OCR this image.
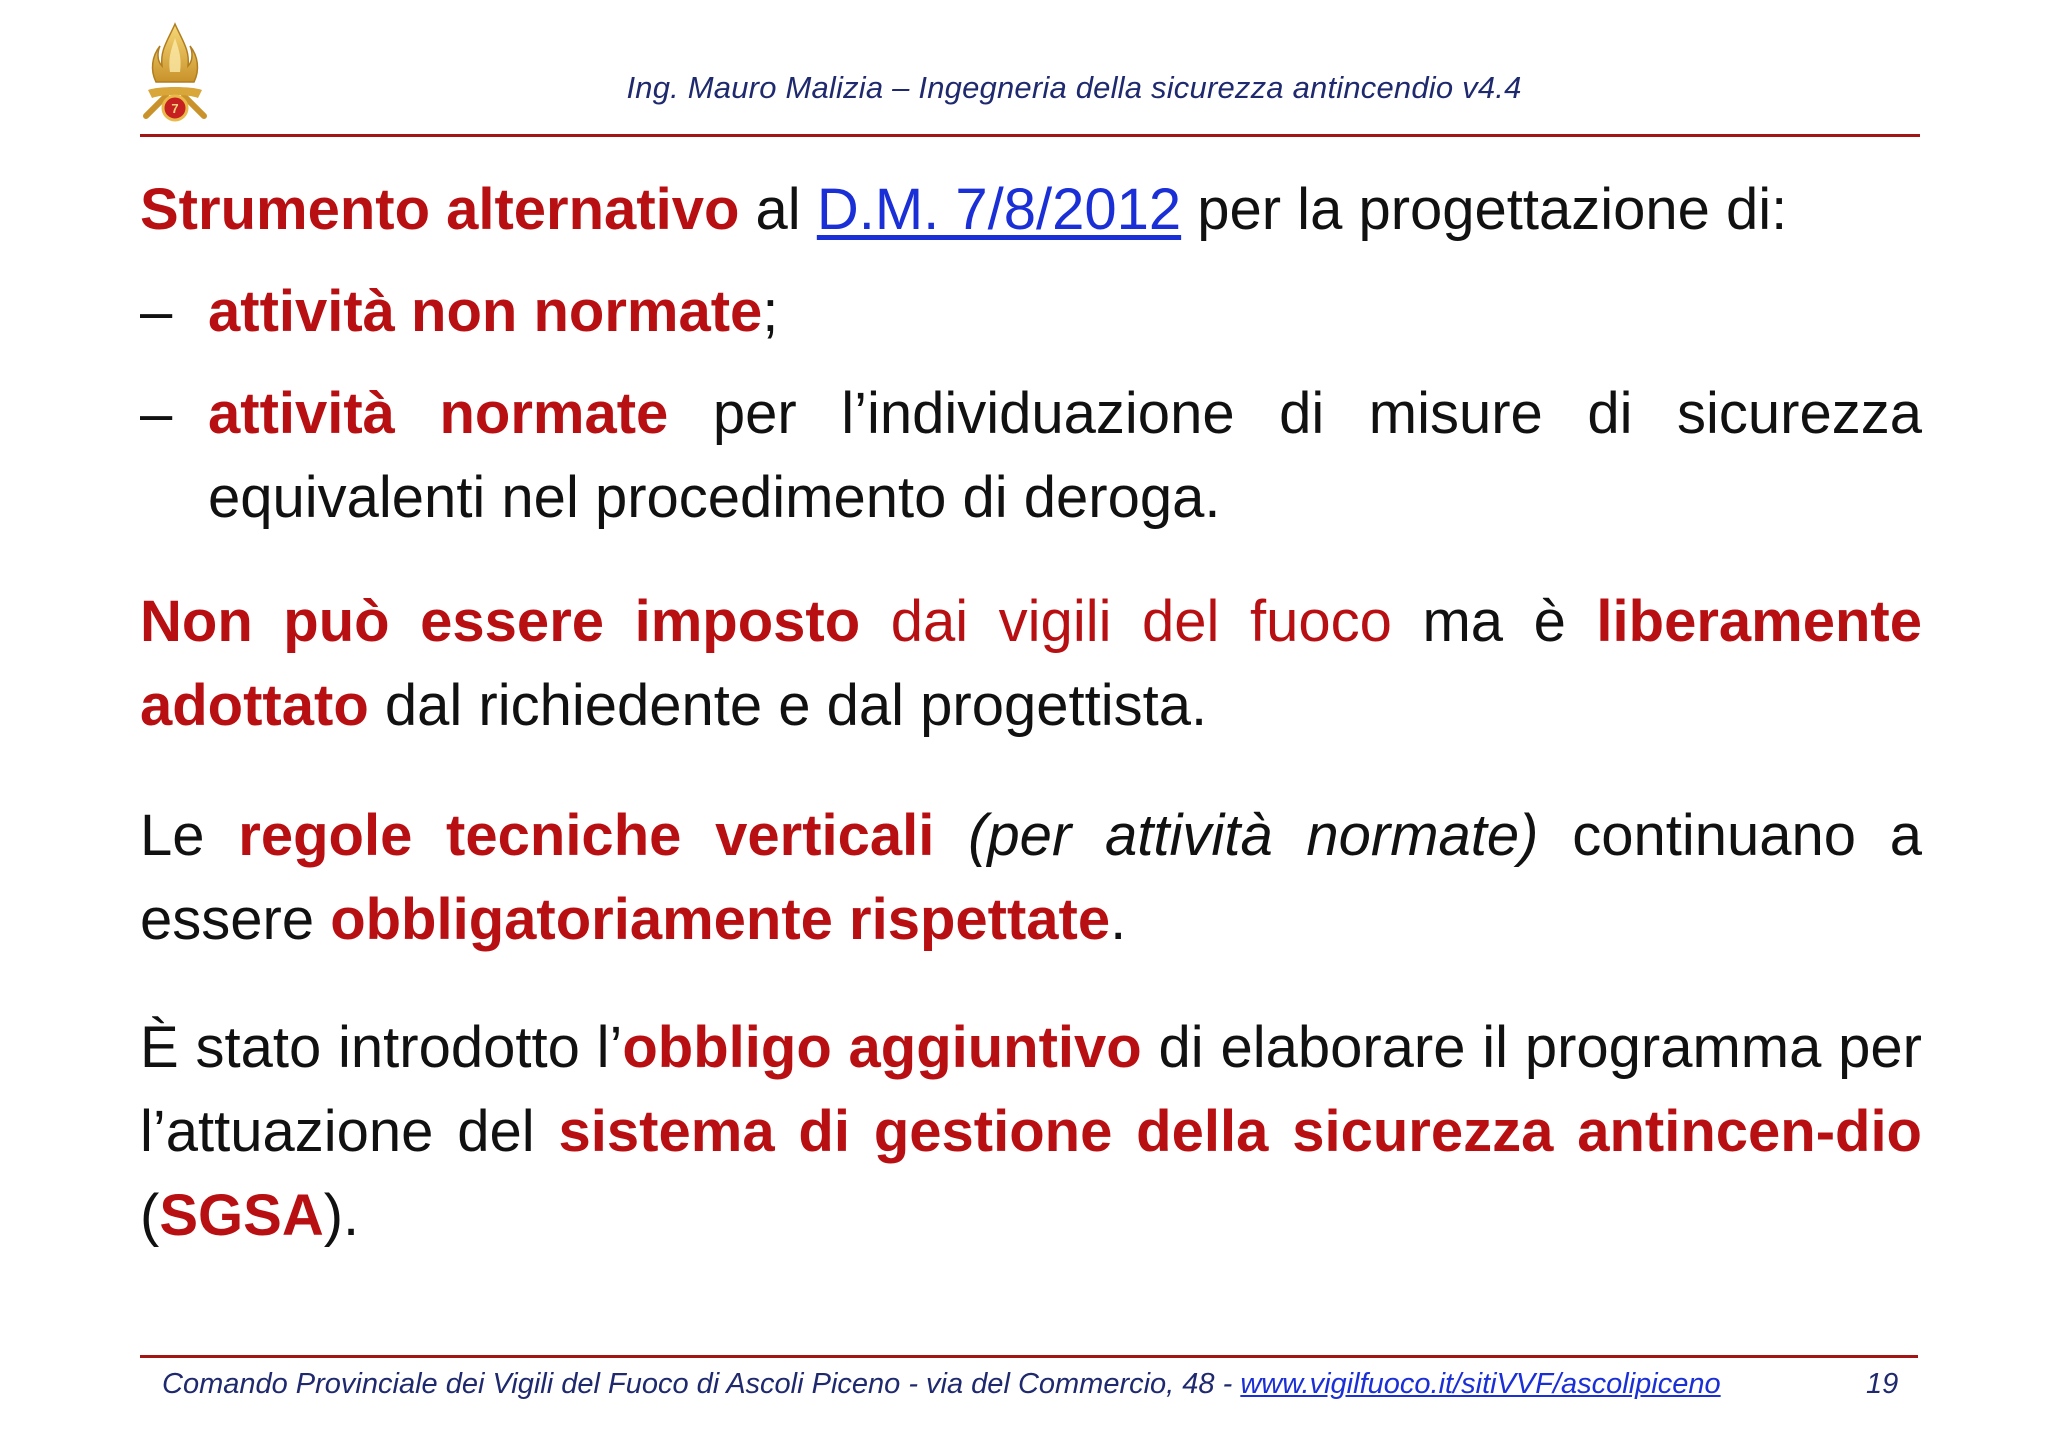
7
Ing. Mauro Malizia – Ingegneria della sicurezza antincendio v4.4
Strumento alternativo al D.M. 7/8/2012 per la progettazione di:
– attività non normate;
– attività normate per l’individuazione di misure di sicurezza equivalenti nel procedimento di deroga.
Non può essere imposto dai vigili del fuoco ma è liberamente adottato dal richiedente e dal progettista.
Le regole tecniche verticali (per attività normate) continuano a essere obbligatoriamente rispettate.
È stato introdotto l’obbligo aggiuntivo di elaborare il programma per l’attuazione del sistema di gestione della sicurezza antincen-dio (SGSA).
Comando Provinciale dei Vigili del Fuoco di Ascoli Piceno - via del Commercio, 48 - www.vigilfuoco.it/sitiVVF/ascolipiceno	19
